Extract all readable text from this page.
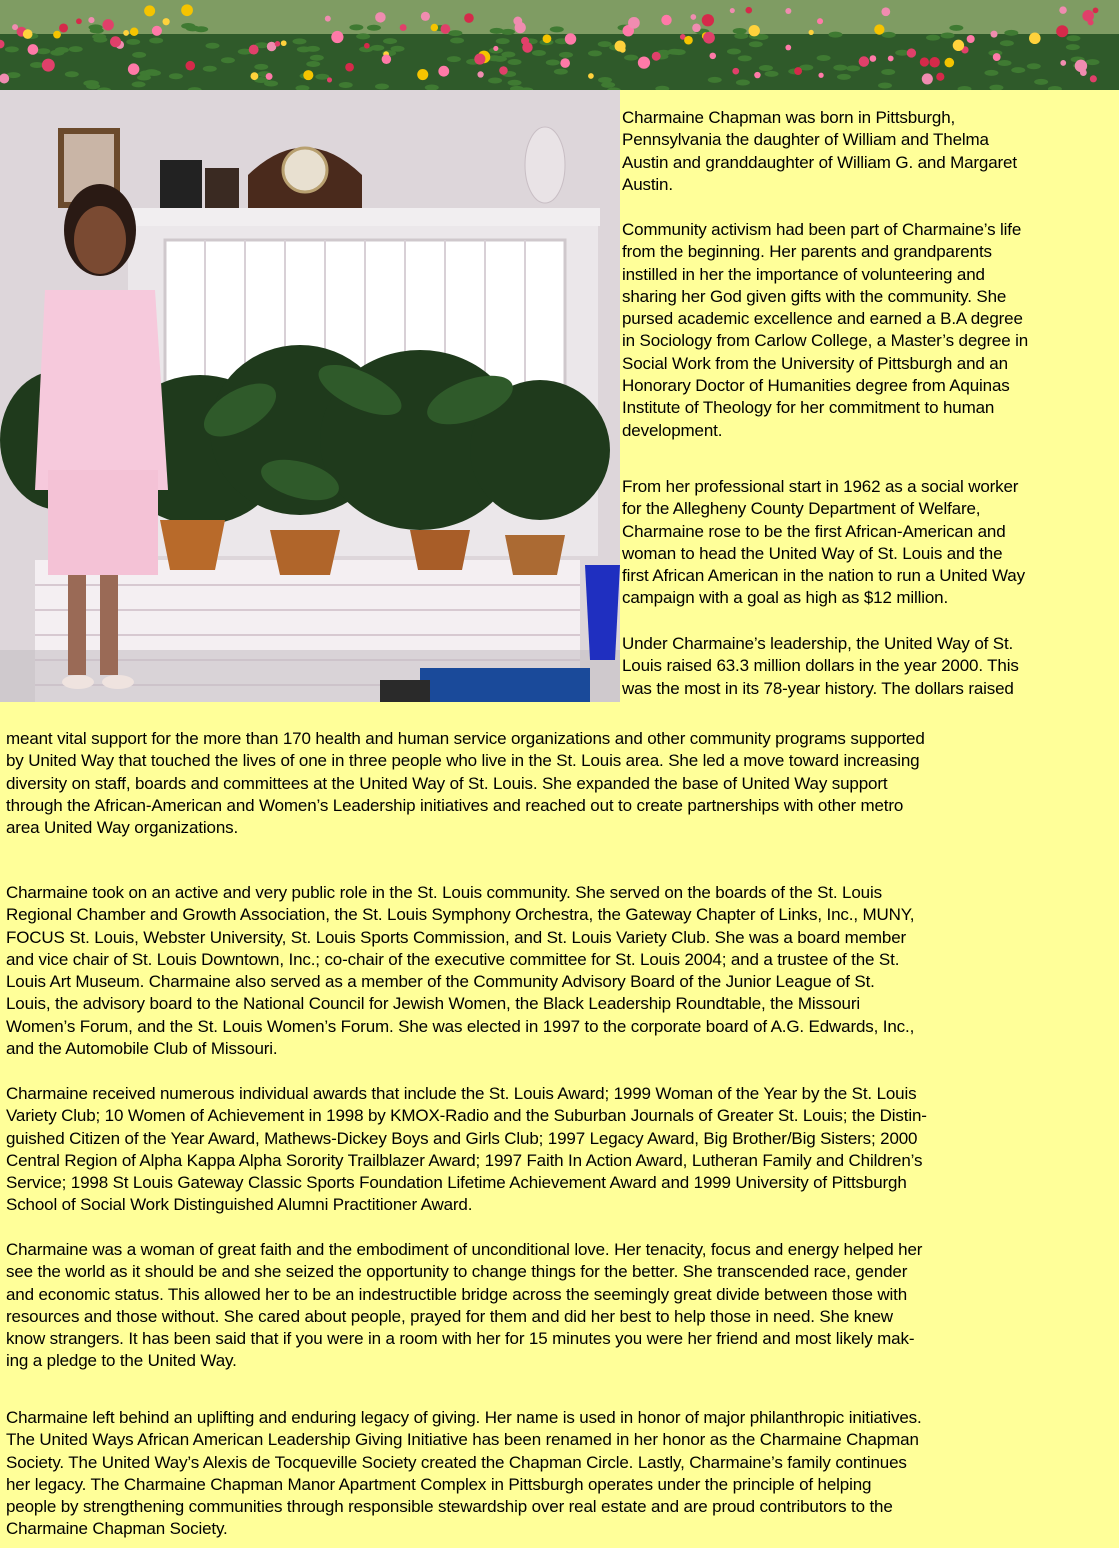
Charmaine Chapman was born in Pittsburgh,
Pennsylvania the daughter of William and Thelma
Austin and granddaughter of William G. and Margaret
Austin.

Community activism had been part of Charmaine’s life
from the beginning. Her parents and grandparents
instilled in her the importance of volunteering and
sharing her God given gifts with the community. She
pursed academic excellence and earned a B.A degree
in Sociology from Carlow College, a Master’s degree in
Social Work from the University of Pittsburgh and an
Honorary Doctor of Humanities degree from Aquinas
Institute of Theology for her commitment to human
development.

From her professional start in 1962 as a social worker
for the Allegheny County Department of Welfare,
Charmaine rose to be the first African-American and
woman to head the United Way of St. Louis and the
first African American in the nation to run a United Way
campaign with a goal as high as $12 million.

Under Charmaine’s leadership, the United Way of St.
Louis raised 63.3 million dollars in the year 2000. This
was the most in its 78-year history. The dollars raised

meant vital support for the more than 170 health and human service organizations and other community programs supported
by United Way that touched the lives of one in three people who live in the St. Louis area. She led a move toward increasing
diversity on staff, boards and committees at the United Way of St. Louis. She expanded the base of United Way support
through the African-American and Women’s Leadership initiatives and reached out to create partnerships with other metro
area United Way organizations.

Charmaine took on an active and very public role in the St. Louis community. She served on the boards of the St. Louis
Regional Chamber and Growth Association, the St. Louis Symphony Orchestra, the Gateway Chapter of Links, Inc., MUNY,
FOCUS St. Louis, Webster University, St. Louis Sports Commission, and St. Louis Variety Club. She was a board member
and vice chair of St. Louis Downtown, Inc.; co-chair of the executive committee for St. Louis 2004; and a trustee of the St.
Louis Art Museum. Charmaine also served as a member of the Community Advisory Board of the Junior League of St.
Louis, the advisory board to the National Council for Jewish Women, the Black Leadership Roundtable, the Missouri
Women’s Forum, and the St. Louis Women’s Forum. She was elected in 1997 to the corporate board of A.G. Edwards, Inc.,
and the Automobile Club of Missouri.

Charmaine received numerous individual awards that include the St. Louis Award; 1999 Woman of the Year by the St. Louis
Variety Club; 10 Women of Achievement in 1998 by KMOX-Radio and the Suburban Journals of Greater St. Louis; the Distin-
guished Citizen of the Year Award, Mathews-Dickey Boys and Girls Club; 1997 Legacy Award, Big Brother/Big Sisters; 2000
Central Region of Alpha Kappa Alpha Sorority Trailblazer Award; 1997 Faith In Action Award, Lutheran Family and Children’s
Service; 1998 St Louis Gateway Classic Sports Foundation Lifetime Achievement Award and 1999 University of Pittsburgh
School of Social Work Distinguished Alumni Practitioner Award.

Charmaine was a woman of great faith and the embodiment of unconditional love. Her tenacity, focus and energy helped her
see the world as it should be and she seized the opportunity to change things for the better. She transcended race, gender
and economic status. This allowed her to be an indestructible bridge across the seemingly great divide between those with
resources and those without. She cared about people, prayed for them and did her best to help those in need. She knew
know strangers. It has been said that if you were in a room with her for 15 minutes you were her friend and most likely mak-
ing a pledge to the United Way.

Charmaine left behind an uplifting and enduring legacy of giving. Her name is used in honor of major philanthropic initiatives.
The United Ways African American Leadership Giving Initiative has been renamed in her honor as the Charmaine Chapman
Society. The United Way’s Alexis de Tocqueville Society created the Chapman Circle. Lastly, Charmaine’s family continues
her legacy. The Charmaine Chapman Manor Apartment Complex in Pittsburgh operates under the principle of helping
people by strengthening communities through responsible stewardship over real estate and are proud contributors to the
Charmaine Chapman Society.
